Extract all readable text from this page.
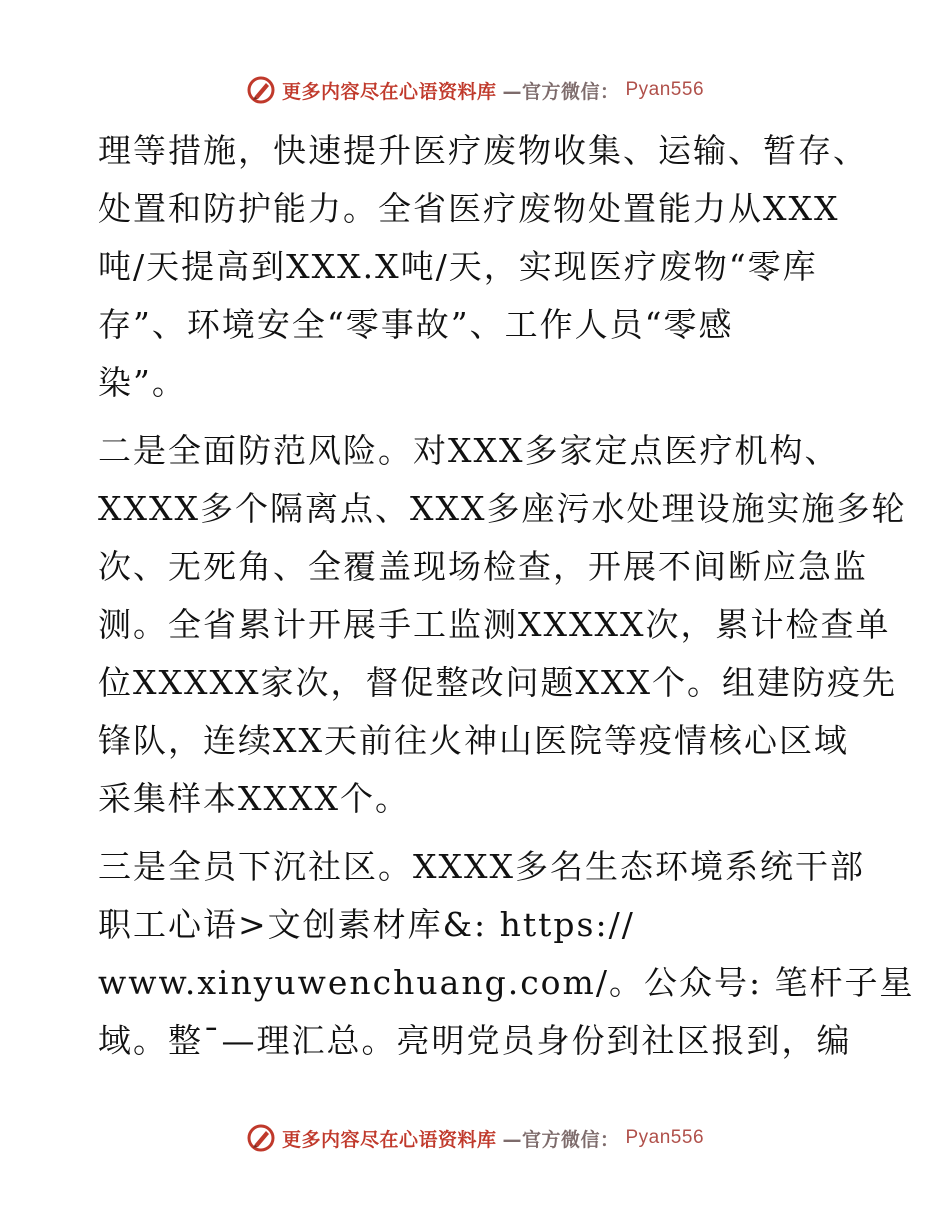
更多内容尽在心语资料库 —官方微信： Pyan556
理等措施，快速提升医疗废物收集、运输、暂存、
处置和防护能力。全省医疗废物处置能力从XXX
吨/天提高到XXX.X吨/天，实现医疗废物“零库
存”、环境安全“零事故”、工作人员“零感
染”。
二是全面防范风险。对XXX多家定点医疗机构、
XXXX多个隔离点、XXX多座污水处理设施实施多轮
次、无死角、全覆盖现场检查，开展不间断应急监
测。全省累计开展手工监测XXXXX次，累计检查单
位XXXXX家次，督促整改问题XXX个。组建防疫先
锋队，连续XX天前往火神山医院等疫情核心区域
采集样本XXXX个。
三是全员下沉社区。XXXX多名生态环境系统干部
职工心语>文创素材库&: https://
www.xinyuwenchuang.com/。公众号: 笔杆子星
域。整¯—理汇总。亮明党员身份到社区报到，编
更多内容尽在心语资料库 —官方微信： Pyan556
